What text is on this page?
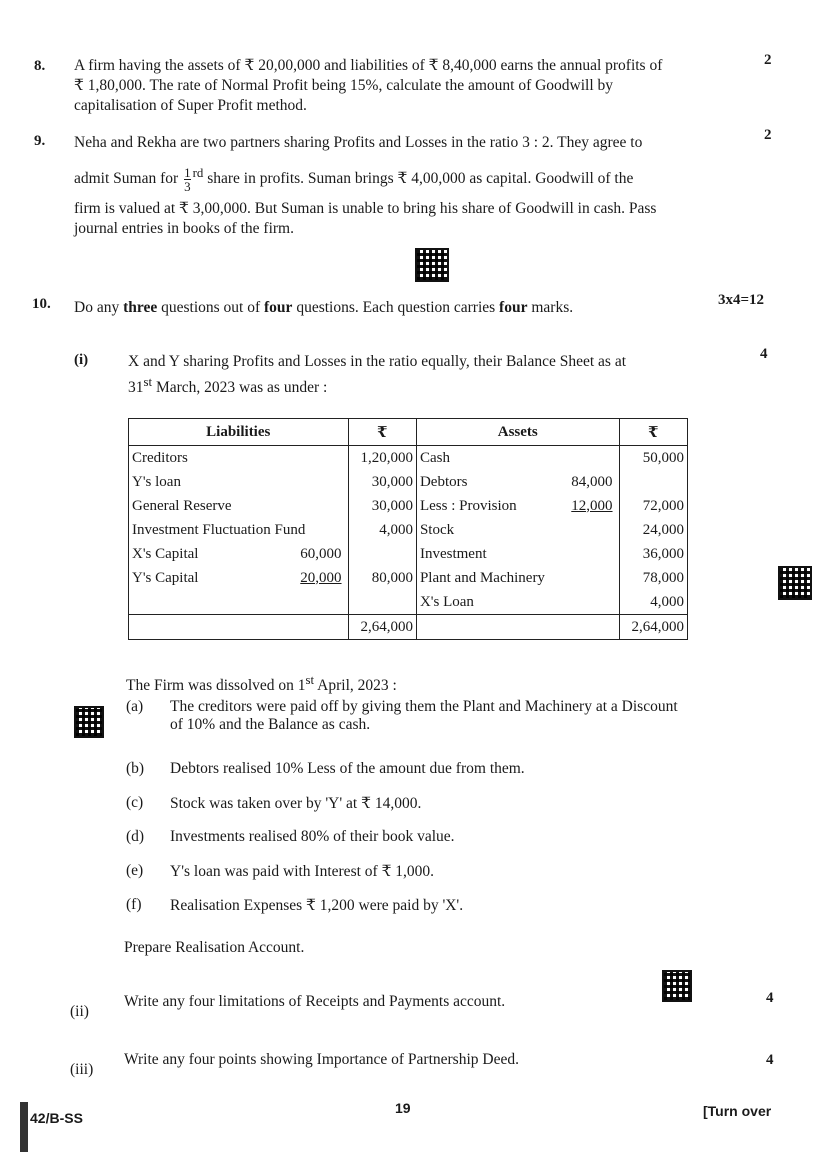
8.	2
A firm having the assets of ₹ 20,00,000 and liabilities of ₹ 8,40,000 earns the annual profits of
₹ 1,80,000. The rate of Normal Profit being 15%, calculate the amount of Goodwill by
capitalisation of Super Profit method.
9.	2
Neha and Rekha are two partners sharing Profits and Losses in the ratio 3 : 2. They agree to
admit Suman for $\frac{1}{3} ^{rd}$ share in profits. Suman brings ₹ 4,00,000 as capital. Goodwill of the
firm is valued at ₹ 3,00,000. But Suman is unable to bring his share of Goodwill in cash. Pass
journal entries in books of the firm.
10. Do any three questions out of four questions. Each question carries four marks.	3x4=12
(i)	4
X and Y sharing Profits and Losses in the ratio equally, their Balance Sheet as at
31st March, 2023 was as under :
Liabilities	₹	Assets	₹
Creditors	1,20,000	Cash	50,000
Y's loan	30,000	Debtors 84,000	

General Reserve	30,000	Less : Provision 12,000	72,000
Investment Fluctuation Fund	4,000	Stock	24,000
X's Capital 60,000		Investment	36,000
Y's Capital 20,000	80,000	Plant and Machinery	78,000

		X's Loan	4,000
	2,64,000		2,64,000
The Firm was dissolved on 1st April, 2023 :
(a)	The creditors were paid off by giving them the Plant and Machinery at a Discount
of 10% and the Balance as cash.
(b)	Debtors realised 10% Less of the amount due from them.
(c)	Stock was taken over by 'Y' at ₹ 14,000.
(d)	Investments realised 80% of their book value.
(e)	Y's loan was paid with Interest of ₹ 1,000.
(f)	Realisation Expenses ₹ 1,200 were paid by 'X'.
Prepare Realisation Account.
(ii)
Write any four limitations of Receipts and Payments account.	4
(iii)
Write any four points showing Importance of Partnership Deed.	4
42/B-SS
19	[Turn over
